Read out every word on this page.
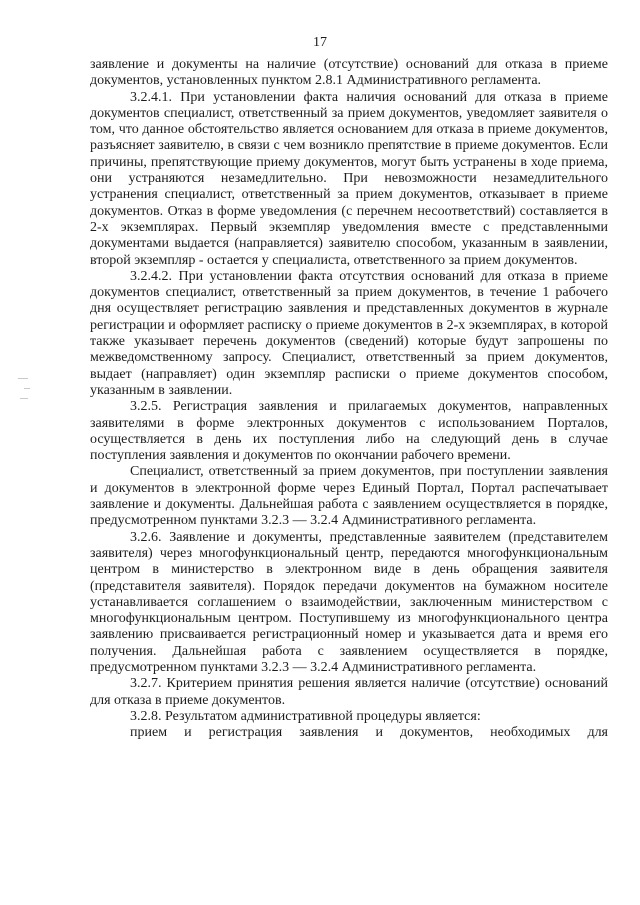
17

заявление и документы на наличие (отсутствие) оснований для отказа в приеме документов, установленных пунктом 2.8.1 Административного регламента.

3.2.4.1. При установлении факта наличия оснований для отказа в приеме документов специалист, ответственный за прием документов, уведомляет заявителя о том, что данное обстоятельство является основанием для отказа в приеме документов, разъясняет заявителю, в связи с чем возникло препятствие в приеме документов. Если причины, препятствующие приему документов, могут быть устранены в ходе приема, они устраняются незамедлительно. При невозможности незамедлительного устранения специалист, ответственный за прием документов, отказывает в приеме документов. Отказ в форме уведомления (с перечнем несоответствий) составляется в 2-х экземплярах. Первый экземпляр уведомления вместе с представленными документами выдается (направляется) заявителю способом, указанным в заявлении, второй экземпляр - остается у специалиста, ответственного за прием документов.

3.2.4.2. При установлении факта отсутствия оснований для отказа в приеме документов специалист, ответственный за прием документов, в течение 1 рабочего дня осуществляет регистрацию заявления и представленных документов в журнале регистрации и оформляет расписку о приеме документов в 2-х экземплярах, в которой также указывает перечень документов (сведений) которые будут запрошены по межведомственному запросу. Специалист, ответственный за прием документов, выдает (направляет) один экземпляр расписки о приеме документов способом, указанным в заявлении.

3.2.5. Регистрация заявления и прилагаемых документов, направленных заявителями в форме электронных документов с использованием Порталов, осуществляется в день их поступления либо на следующий день в случае поступления заявления и документов по окончании рабочего времени.

Специалист, ответственный за прием документов, при поступлении заявления и документов в электронной форме через Единый Портал, Портал распечатывает заявление и документы. Дальнейшая работа с заявлением осуществляется в порядке, предусмотренном пунктами 3.2.3 — 3.2.4 Административного регламента.

3.2.6. Заявление и документы, представленные заявителем (представителем заявителя) через многофункциональный центр, передаются многофункциональным центром в министерство в электронном виде в день обращения заявителя (представителя заявителя). Порядок передачи документов на бумажном носителе устанавливается соглашением о взаимодействии, заключенным министерством с многофункциональным центром. Поступившему из многофункционального центра заявлению присваивается регистрационный номер и указывается дата и время его получения. Дальнейшая работа с заявлением осуществляется в порядке, предусмотренном пунктами 3.2.3 — 3.2.4 Административного регламента.

3.2.7. Критерием принятия решения является наличие (отсутствие) оснований для отказа в приеме документов.

3.2.8. Результатом административной процедуры является:

прием и регистрация заявления и документов, необходимых для
